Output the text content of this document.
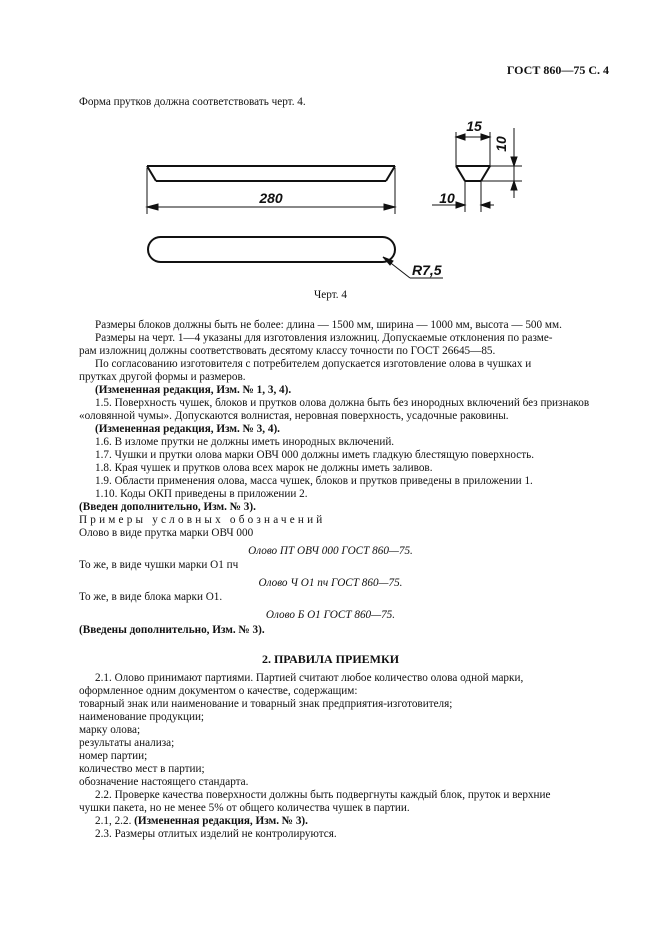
ГОСТ 860—75 С. 4
Форма прутков должна соответствовать черт. 4.
280
R7,5
15
10
10
Черт. 4
Размеры блоков должны быть не более: длина — 1500 мм, ширина — 1000 мм, высота — 500 мм.
Размеры на черт. 1—4 указаны для изготовления изложниц. Допускаемые отклонения по разме-
рам изложниц должны соответствовать десятому классу точности по ГОСТ 26645—85.
По согласованию изготовителя с потребителем допускается изготовление олова в чушках и
прутках другой формы и размеров.
(Измененная редакция, Изм. № 1, 3, 4).
1.5. Поверхность чушек, блоков и прутков олова должна быть без инородных включений без признаков
«оловянной чумы». Допускаются волнистая, неровная поверхность, усадочные раковины.
(Измененная редакция, Изм. № 3, 4).
1.6. В изломе прутки не должны иметь инородных включений.
1.7. Чушки и прутки олова марки ОВЧ 000 должны иметь гладкую блестящую поверхность.
1.8. Края чушек и прутков олова всех марок не должны иметь заливов.
1.9. Области применения олова, масса чушек, блоков и прутков приведены в приложении 1.
1.10. Коды ОКП приведены в приложении 2.
(Введен дополнительно, Изм. № 3).
Примеры условных обозначений
Олово в виде прутка марки ОВЧ 000
Олово ПТ ОВЧ 000 ГОСТ 860—75.
То же, в виде чушки марки О1 пч
Олово Ч О1 пч ГОСТ 860—75.
То же, в виде блока марки О1.
Олово Б О1 ГОСТ 860—75.
(Введены дополнительно, Изм. № 3).
2. ПРАВИЛА ПРИЕМКИ
2.1. Олово принимают партиями. Партией считают любое количество олова одной марки,
оформленное одним документом о качестве, содержащим:
товарный знак или наименование и товарный знак предприятия-изготовителя;
наименование продукции;
марку олова;
результаты анализа;
номер партии;
количество мест в партии;
обозначение настоящего стандарта.
2.2. Проверке качества поверхности должны быть подвергнуты каждый блок, пруток и верхние
чушки пакета, но не менее 5% от общего количества чушек в партии.
2.1, 2.2. (Измененная редакция, Изм. № 3).
2.3. Размеры отлитых изделий не контролируются.
